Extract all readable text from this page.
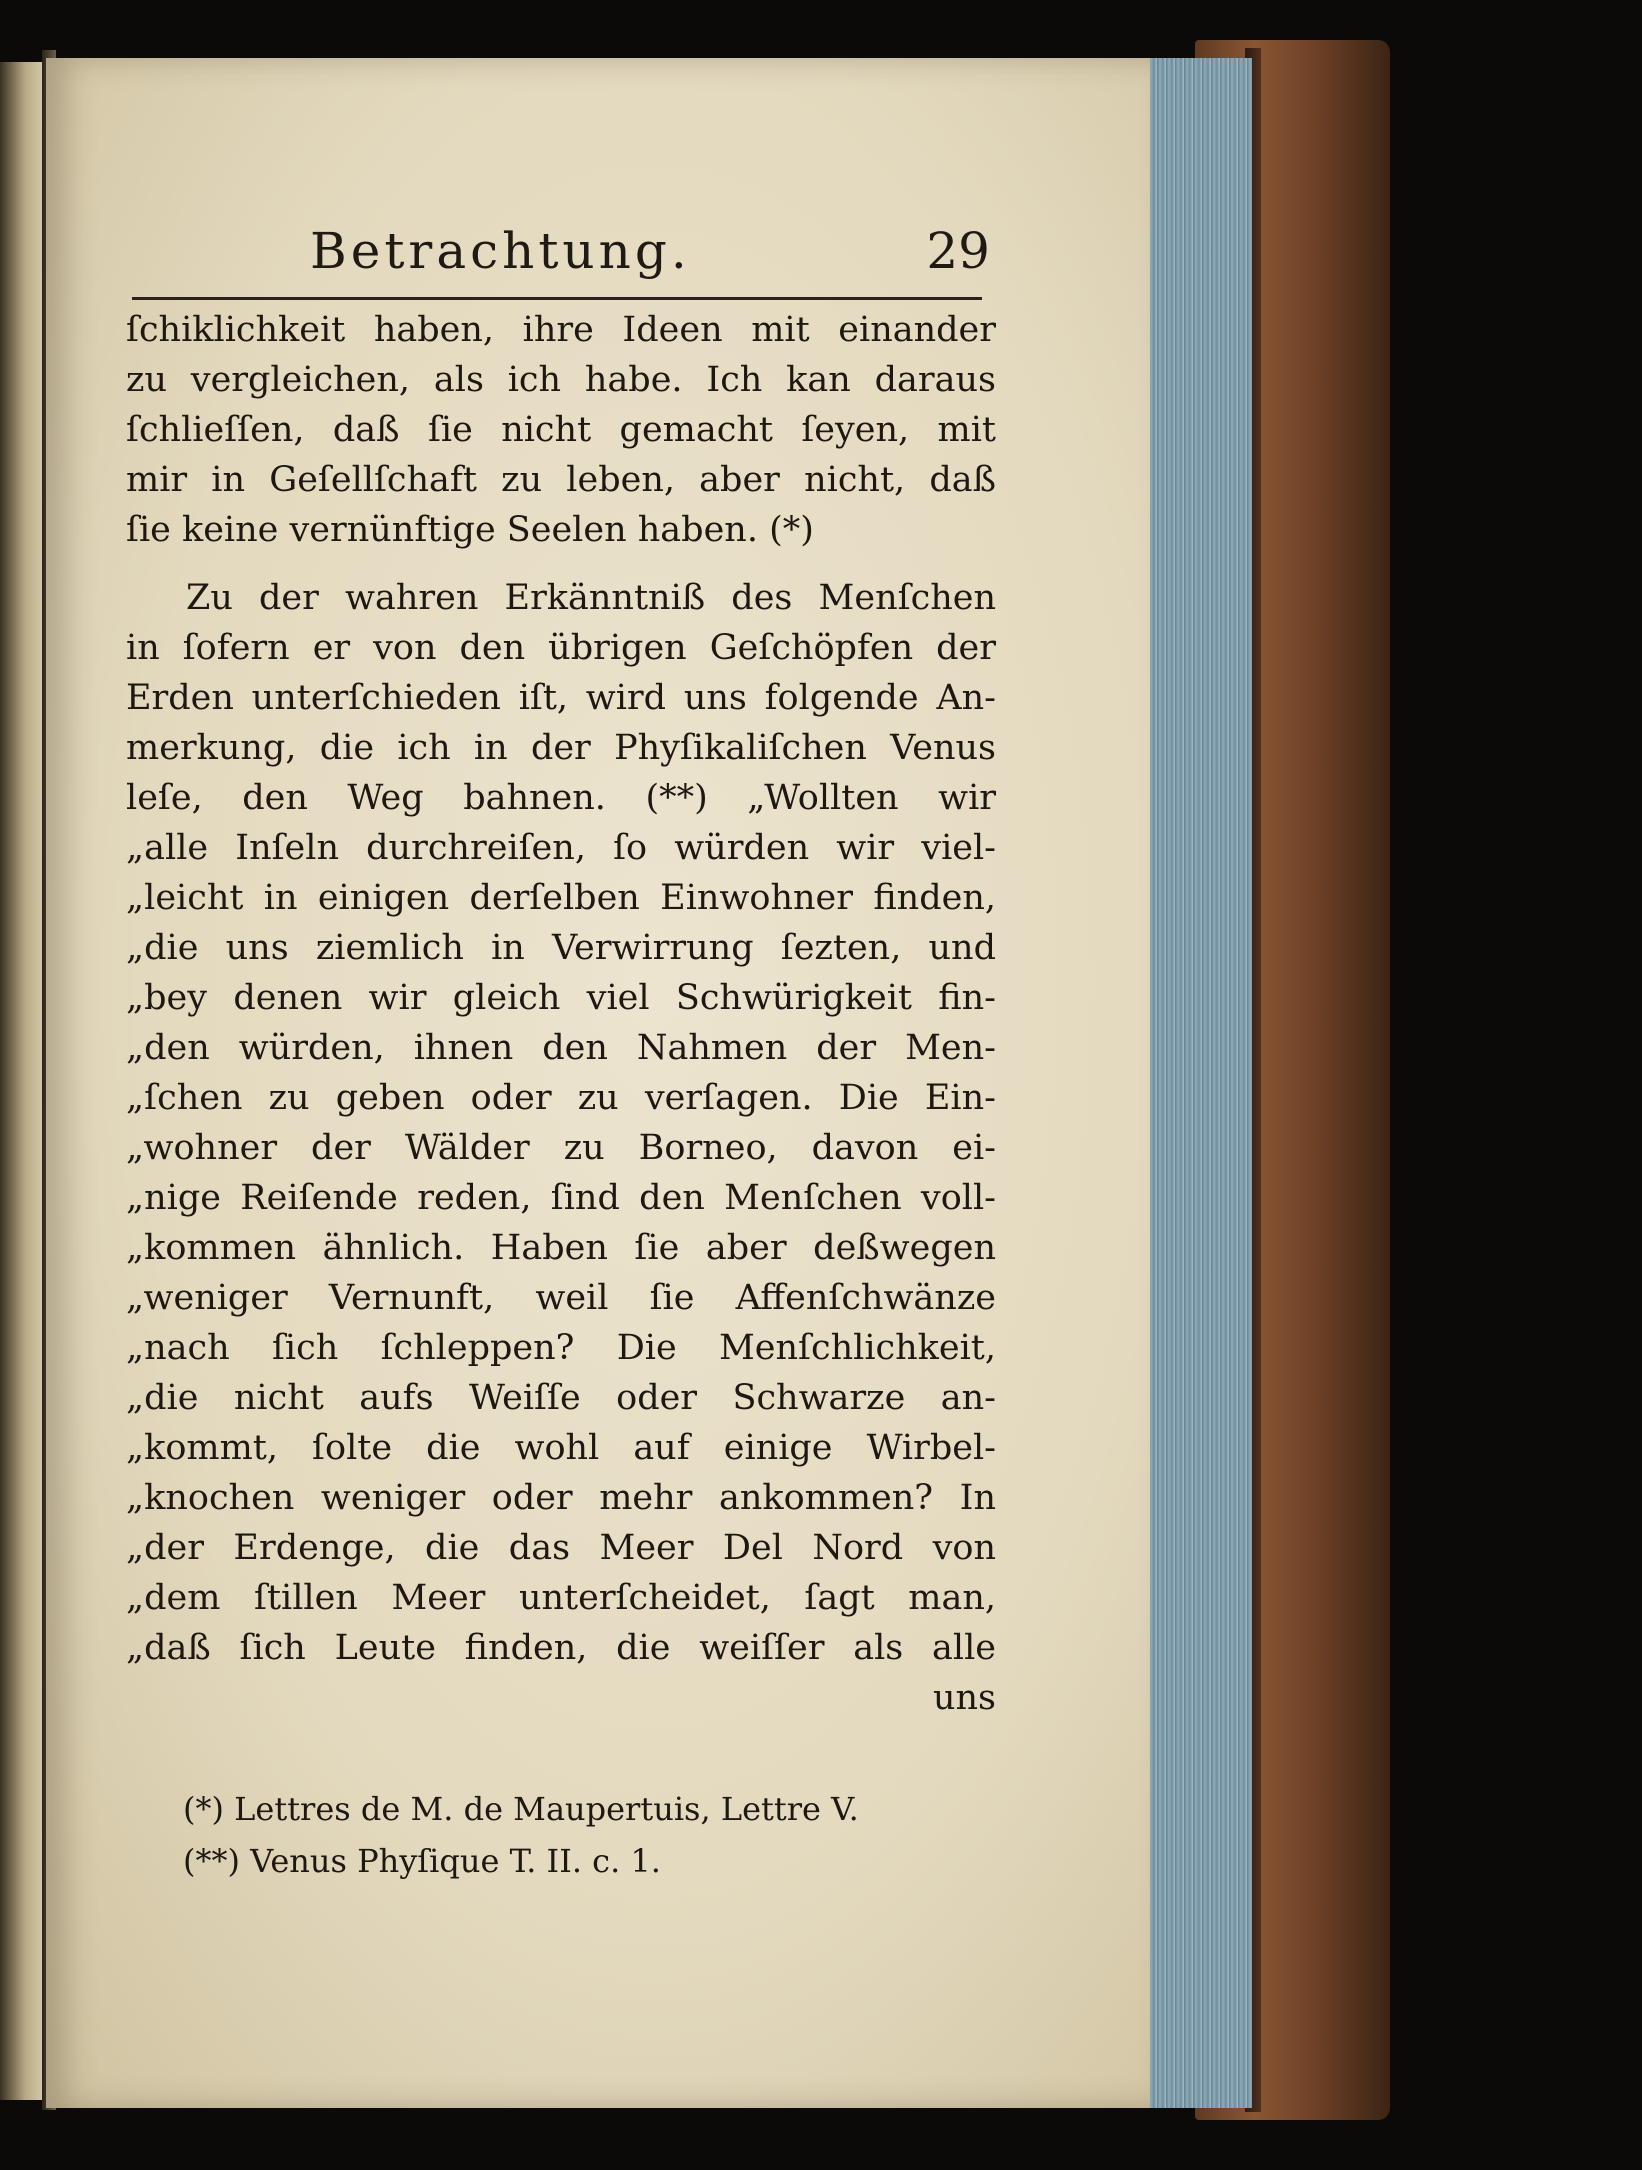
Betrachtung.	29
ſchiklichkeit haben, ihre Ideen mit einander
zu vergleichen, als ich habe. Ich kan daraus
ſchlieſſen, daß ſie nicht gemacht ſeyen, mit
mir in Geſellſchaft zu leben, aber nicht, daß
ſie keine vernünftige Seelen haben. (*)
Zu der wahren Erkänntniß des Menſchen
in ſofern er von den übrigen Geſchöpfen der
Erden unterſchieden iſt, wird uns folgende An-
merkung, die ich in der Phyſikaliſchen Venus
leſe, den Weg bahnen. (**) „Wollten wir
„alle Inſeln durchreiſen, ſo würden wir viel-
„leicht in einigen derſelben Einwohner finden,
„die uns ziemlich in Verwirrung ſezten, und
„bey denen wir gleich viel Schwürigkeit fin-
„den würden, ihnen den Nahmen der Men-
„ſchen zu geben oder zu verſagen. Die Ein-
„wohner der Wälder zu Borneo, davon ei-
„nige Reiſende reden, ſind den Menſchen voll-
„kommen ähnlich. Haben ſie aber deßwegen
„weniger Vernunft, weil ſie Affenſchwänze
„nach ſich ſchleppen? Die Menſchlichkeit,
„die nicht aufs Weiſſe oder Schwarze an-
„kommt, ſolte die wohl auf einige Wirbel-
„knochen weniger oder mehr ankommen? In
„der Erdenge, die das Meer Del Nord von
„dem ſtillen Meer unterſcheidet, ſagt man,
„daß ſich Leute finden, die weiſſer als alle
uns
(*) Lettres de M. de Maupertuis, Lettre V.
(**) Venus Phyſique T. II. c. 1.
